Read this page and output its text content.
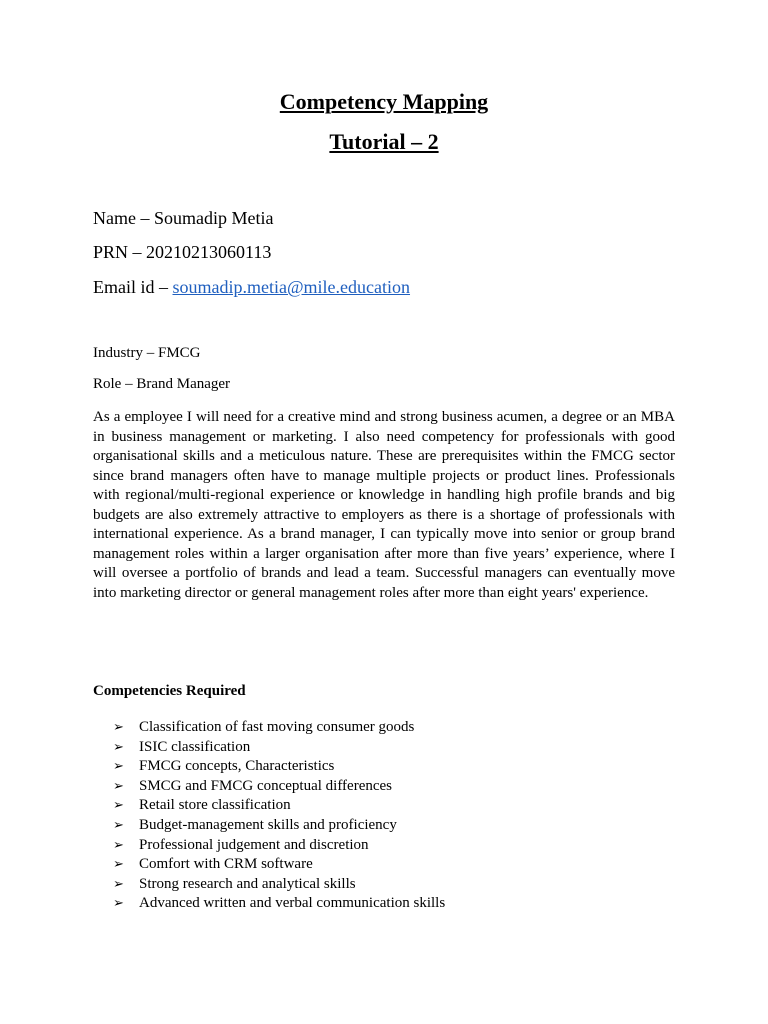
Competency Mapping
Tutorial – 2
Name – Soumadip Metia
PRN – 20210213060113
Email id – soumadip.metia@mile.education
Industry – FMCG
Role – Brand Manager

As a employee I will need for a creative mind and strong business acumen, a degree or an MBA in business management or marketing. I also need competency for professionals with good organisational skills and a meticulous nature. These are prerequisites within the FMCG sector since brand managers often have to manage multiple projects or product lines. Professionals with regional/multi-regional experience or knowledge in handling high profile brands and big budgets are also extremely attractive to employers as there is a shortage of professionals with international experience. As a brand manager, I can typically move into senior or group brand management roles within a larger organisation after more than five years’ experience, where I will oversee a portfolio of brands and lead a team. Successful managers can eventually move into marketing director or general management roles after more than eight years' experience.

Competencies Required
➢ Classification of fast moving consumer goods
➢ ISIC classification
➢ FMCG concepts, Characteristics
➢ SMCG and FMCG conceptual differences
➢ Retail store classification
➢ Budget-management skills and proficiency
➢ Professional judgement and discretion
➢ Comfort with CRM software
➢ Strong research and analytical skills
➢ Advanced written and verbal communication skills
